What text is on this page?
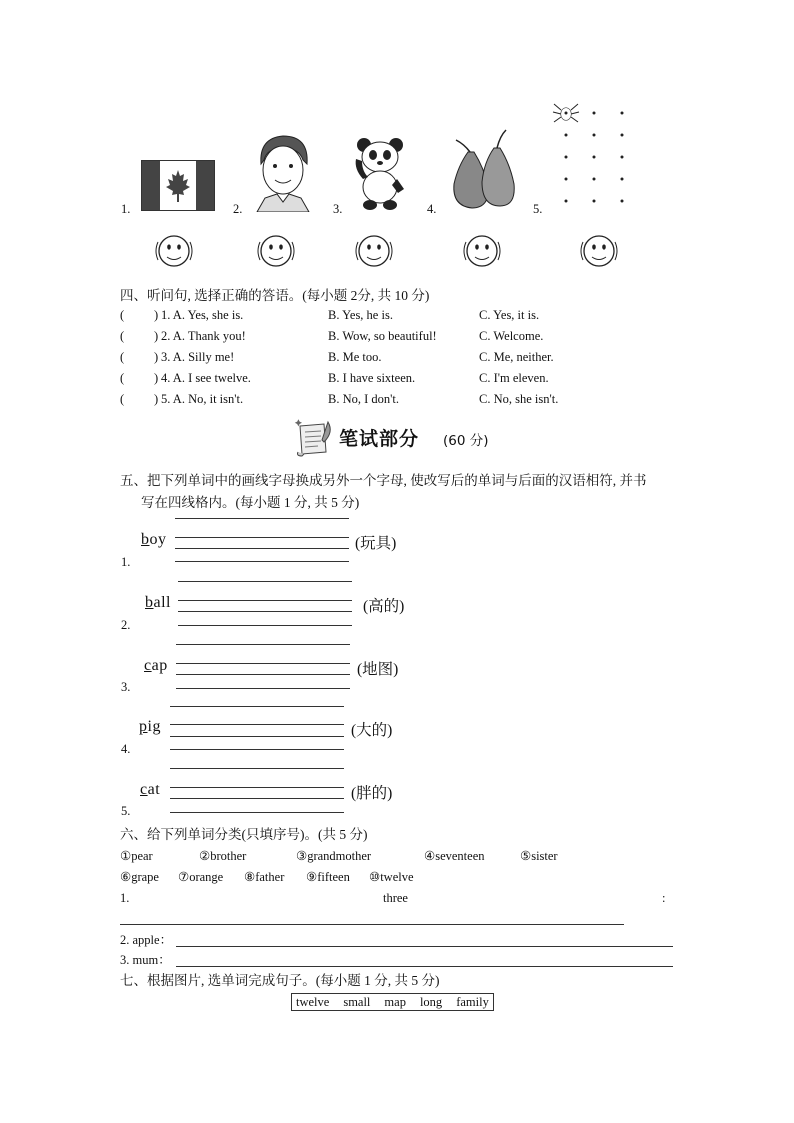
1.	2.	3.	4.	5.
四、听问句, 选择正确的答语。(每小题 2分, 共 10 分)
( ) 1. A. Yes, she is.	B. Yes, he is.	C. Yes, it is.
( ) 2. A. Thank you!	B. Wow, so beautiful!	C. Welcome.
( ) 3. A. Silly me!	B. Me too.	C. Me, neither.
( ) 4. A. I see twelve.	B. I have sixteen.	C. I'm eleven.
( ) 5. A. No, it isn't.	B. No, I don't.	C. No, she isn't.
笔试部分 (60 分)
五、把下列单词中的画线字母换成另外一个字母, 使改写后的单词与后面的汉语相符, 并书
写在四线格内。(每小题 1 分, 共 5 分)
boy	(玩具)
1.
ball	(高的)
2.
cap	(地图)
3.
pig	(大的)
4.
cat	(胖的)
5.
六、给下列单词分类(只填序号)。(共 5 分)
①pear	②brother	③grandmother	④seventeen	⑤sister
⑥grape ⑦orange ⑧father ⑨fifteen ⑩twelve
1.	three	:
2. apple：
3. mum：
七、根据图片, 选单词完成句子。(每小题 1 分, 共 5 分)
twelve small map long family
